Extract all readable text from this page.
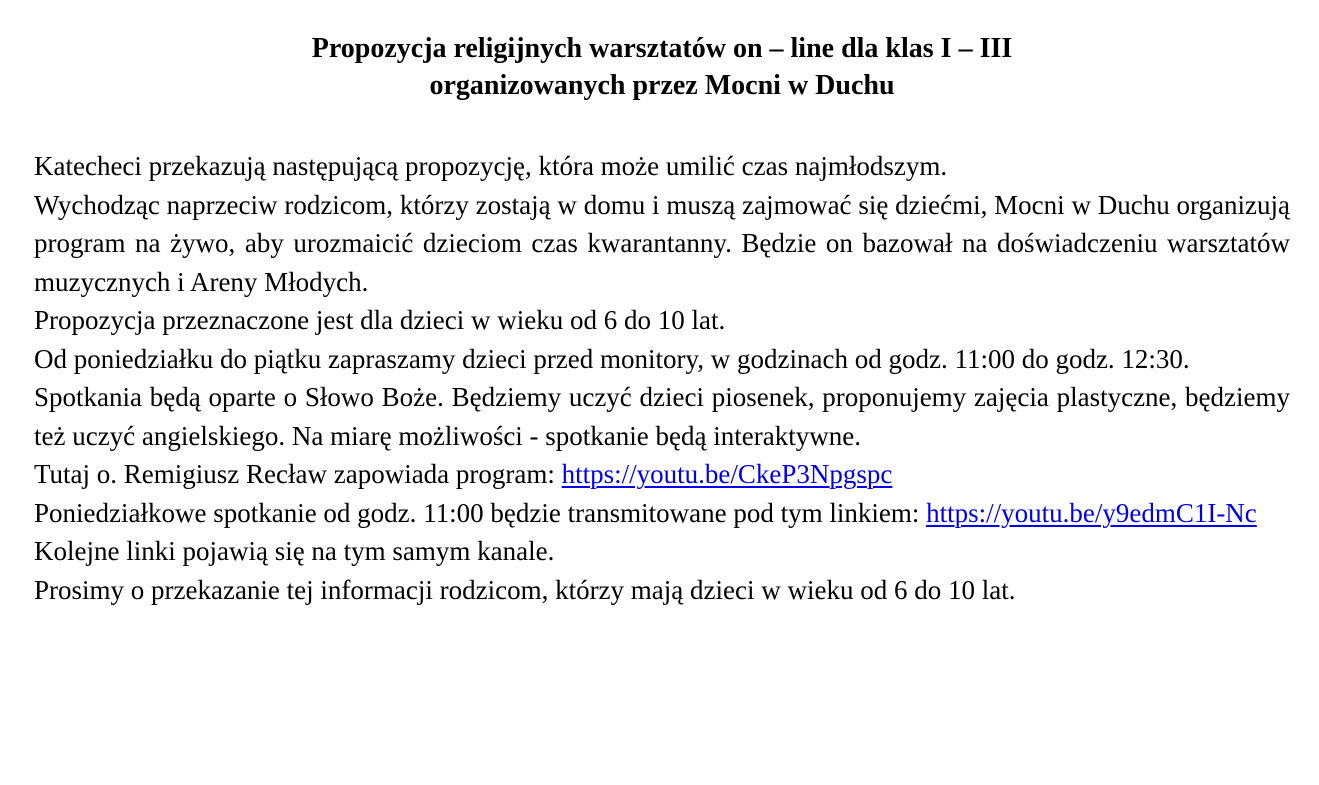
Propozycja religijnych warsztatów on – line dla klas I – III
organizowanych przez Mocni w Duchu

Katecheci przekazują następującą propozycję, która może umilić czas najmłodszym.

Wychodząc naprzeciw rodzicom, którzy zostają w domu i muszą zajmować się dziećmi, Mocni w Duchu organizują program na żywo, aby urozmaicić dzieciom czas kwarantanny. Będzie on bazował na doświadczeniu warsztatów muzycznych i Areny Młodych.

Propozycja przeznaczone jest dla dzieci w wieku od 6 do 10 lat.

Od poniedziałku do piątku zapraszamy dzieci przed monitory, w godzinach od godz. 11:00 do godz. 12:30.

Spotkania będą oparte o Słowo Boże. Będziemy uczyć dzieci piosenek, proponujemy zajęcia plastyczne, będziemy też uczyć angielskiego. Na miarę możliwości - spotkanie będą interaktywne.

Tutaj o. Remigiusz Recław zapowiada program: https://youtu.be/CkeP3Npgspc

Poniedziałkowe spotkanie od godz. 11:00 będzie transmitowane pod tym linkiem: https://youtu.be/y9edmC1I-Nc

Kolejne linki pojawią się na tym samym kanale.

Prosimy o przekazanie tej informacji rodzicom, którzy mają dzieci w wieku od 6 do 10 lat.
